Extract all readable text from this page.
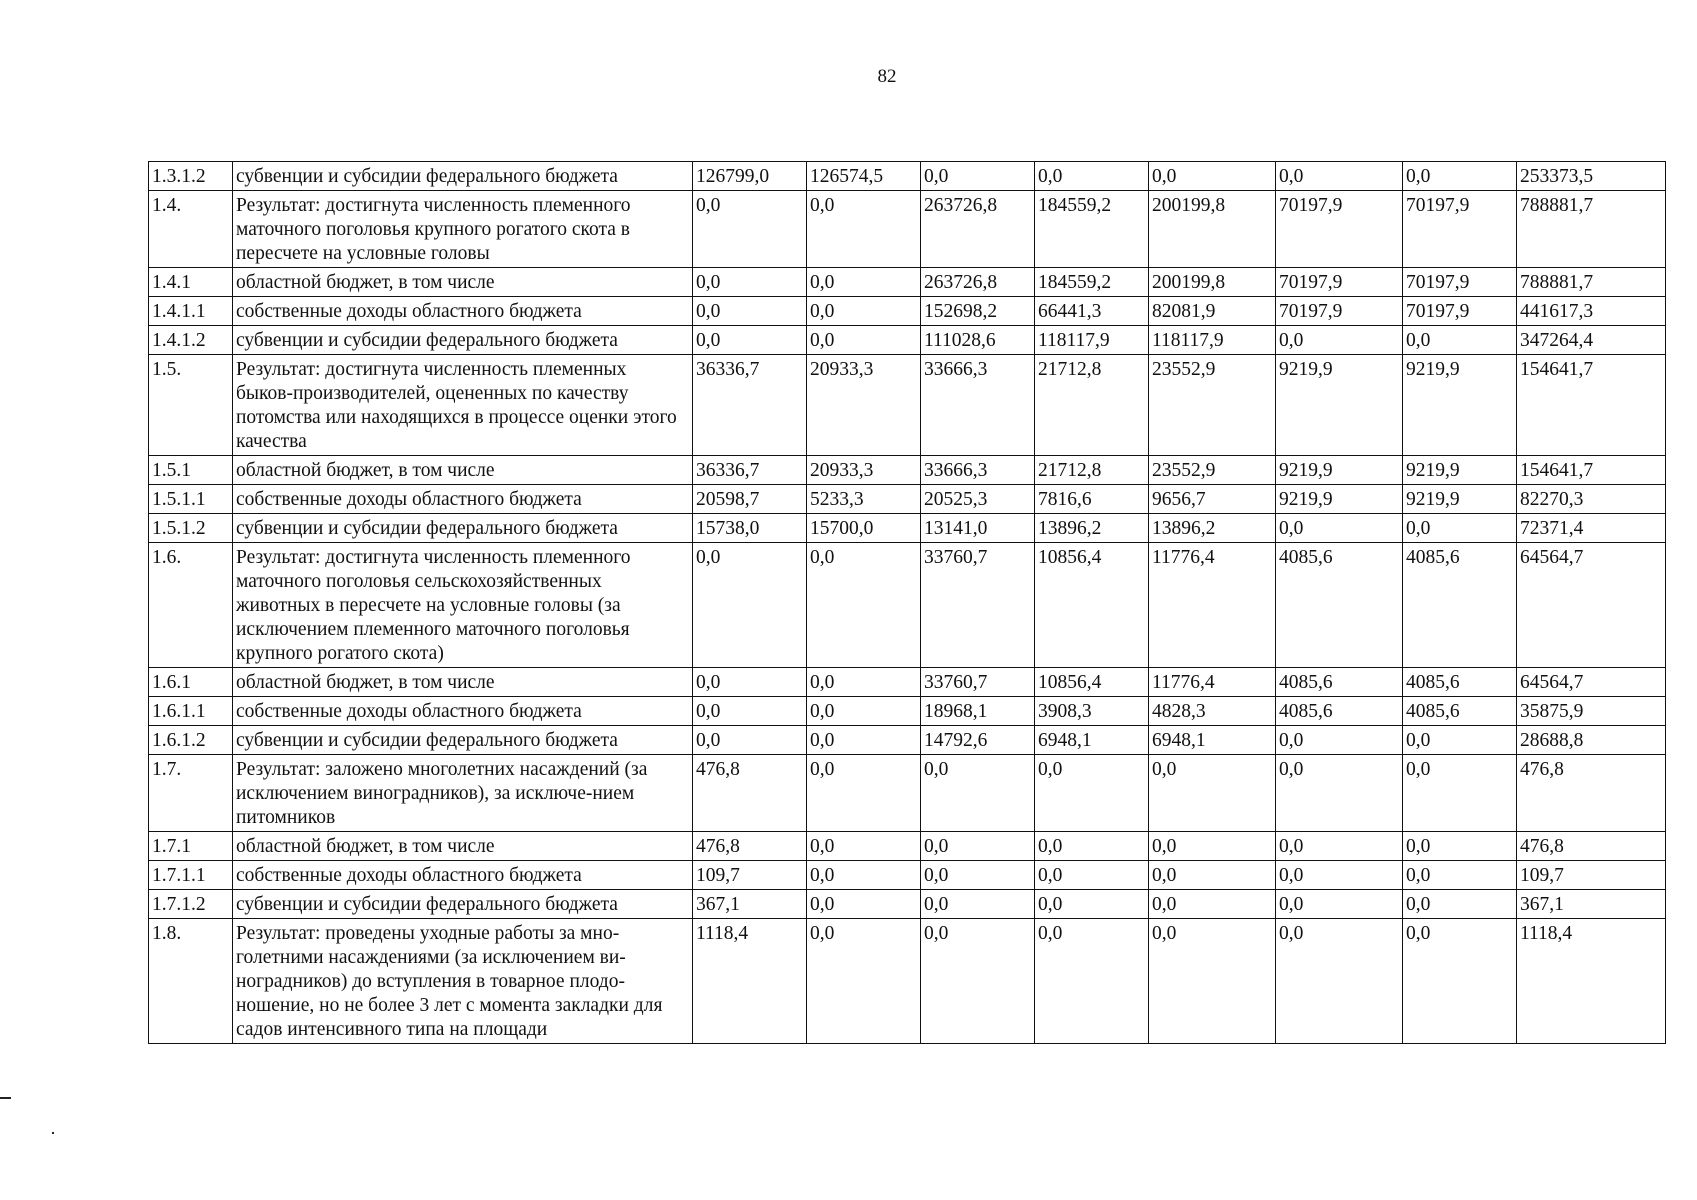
82
1.3.1.2	субвенции и субсидии федерального бюджета	126799,0	126574,5	0,0	0,0	0,0	0,0	0,0	253373,5
1.4.	Результат: достигнута численность племенного маточного поголовья крупного рогатого скота в пересчете на условные головы	0,0	0,0	263726,8	184559,2	200199,8	70197,9	70197,9	788881,7
1.4.1	областной бюджет, в том числе	0,0	0,0	263726,8	184559,2	200199,8	70197,9	70197,9	788881,7
1.4.1.1	собственные доходы областного бюджета	0,0	0,0	152698,2	66441,3	82081,9	70197,9	70197,9	441617,3
1.4.1.2	субвенции и субсидии федерального бюджета	0,0	0,0	111028,6	118117,9	118117,9	0,0	0,0	347264,4
1.5.	Результат: достигнута численность племенных быков-производителей, оцененных по качеству потомства или находящихся в процессе оценки этого качества	36336,7	20933,3	33666,3	21712,8	23552,9	9219,9	9219,9	154641,7
1.5.1	областной бюджет, в том числе	36336,7	20933,3	33666,3	21712,8	23552,9	9219,9	9219,9	154641,7
1.5.1.1	собственные доходы областного бюджета	20598,7	5233,3	20525,3	7816,6	9656,7	9219,9	9219,9	82270,3
1.5.1.2	субвенции и субсидии федерального бюджета	15738,0	15700,0	13141,0	13896,2	13896,2	0,0	0,0	72371,4
1.6.	Результат: достигнута численность племенного маточного поголовья сельскохозяйственных животных в пересчете на условные головы (за исключением племенного маточного поголовья крупного рогатого скота)	0,0	0,0	33760,7	10856,4	11776,4	4085,6	4085,6	64564,7
1.6.1	областной бюджет, в том числе	0,0	0,0	33760,7	10856,4	11776,4	4085,6	4085,6	64564,7
1.6.1.1	собственные доходы областного бюджета	0,0	0,0	18968,1	3908,3	4828,3	4085,6	4085,6	35875,9
1.6.1.2	субвенции и субсидии федерального бюджета	0,0	0,0	14792,6	6948,1	6948,1	0,0	0,0	28688,8
1.7.	Результат: заложено многолетних насаждений (за исключением виноградников), за исключе-нием питомников	476,8	0,0	0,0	0,0	0,0	0,0	0,0	476,8
1.7.1	областной бюджет, в том числе	476,8	0,0	0,0	0,0	0,0	0,0	0,0	476,8
1.7.1.1	собственные доходы областного бюджета	109,7	0,0	0,0	0,0	0,0	0,0	0,0	109,7
1.7.1.2	субвенции и субсидии федерального бюджета	367,1	0,0	0,0	0,0	0,0	0,0	0,0	367,1
1.8.	Результат: проведены уходные работы за мно-голетними насаждениями (за исключением ви-ноградников) до вступления в товарное плодо-ношение, но не более 3 лет с момента закладки для садов интенсивного типа на площади	1118,4	0,0	0,0	0,0	0,0	0,0	0,0	1118,4
